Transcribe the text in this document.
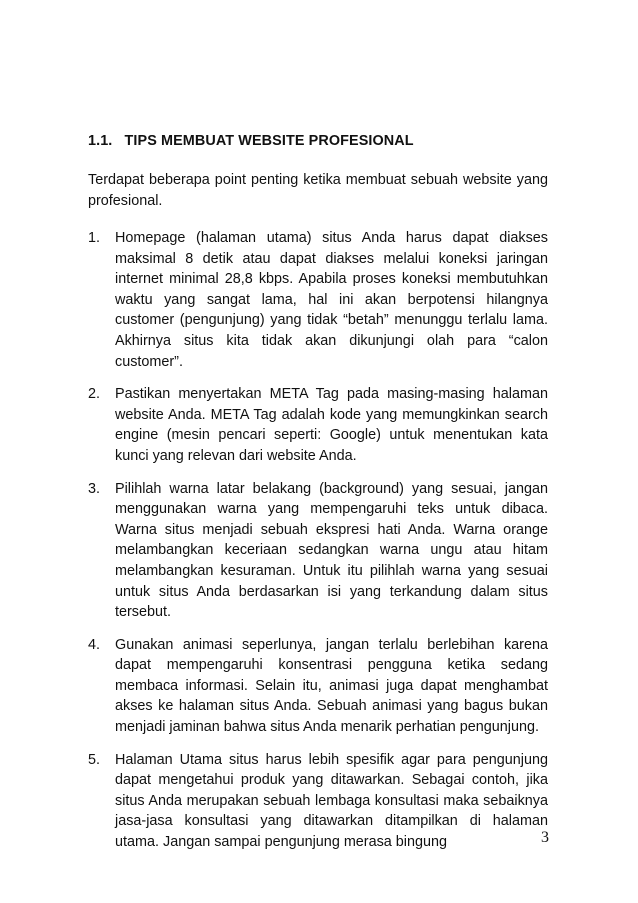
1.1. TIPS MEMBUAT WEBSITE PROFESIONAL
Terdapat beberapa point penting ketika membuat sebuah website yang profesional.
1. Homepage (halaman utama) situs Anda harus dapat diakses maksimal 8 detik atau dapat diakses melalui koneksi jaringan internet minimal 28,8 kbps. Apabila proses koneksi membutuhkan waktu yang sangat lama, hal ini akan berpotensi hilangnya customer (pengunjung) yang tidak “betah” menunggu terlalu lama. Akhirnya situs kita tidak akan dikunjungi olah para “calon customer”.
2. Pastikan menyertakan META Tag pada masing-masing halaman website Anda. META Tag adalah kode yang memungkinkan search engine (mesin pencari seperti: Google) untuk menentukan kata kunci yang relevan dari website Anda.
3. Pilihlah warna latar belakang (background) yang sesuai, jangan menggunakan warna yang mempengaruhi teks untuk dibaca. Warna situs menjadi sebuah ekspresi hati Anda. Warna orange melambangkan keceriaan sedangkan warna ungu atau hitam melambangkan kesuraman. Untuk itu pilihlah warna yang sesuai untuk situs Anda berdasarkan isi yang terkandung dalam situs tersebut.
4. Gunakan animasi seperlunya, jangan terlalu berlebihan karena dapat mempengaruhi konsentrasi pengguna ketika sedang membaca informasi. Selain itu, animasi juga dapat menghambat akses ke halaman situs Anda. Sebuah animasi yang bagus bukan menjadi jaminan bahwa situs Anda menarik perhatian pengunjung.
5. Halaman Utama situs harus lebih spesifik agar para pengunjung dapat mengetahui produk yang ditawarkan. Sebagai contoh, jika situs Anda merupakan sebuah lembaga konsultasi maka sebaiknya jasa-jasa konsultasi yang ditawarkan ditampilkan di halaman utama. Jangan sampai pengunjung merasa bingung	3
